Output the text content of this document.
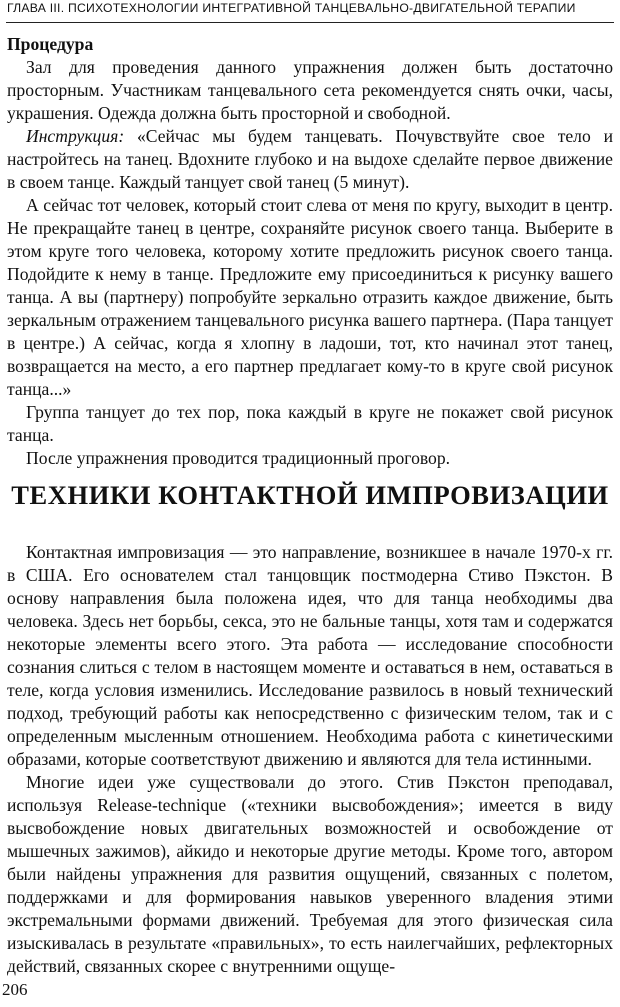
ГЛАВА III. ПСИХОТЕХНОЛОГИИ ИНТЕГРАТИВНОЙ ТАНЦЕВАЛЬНО-ДВИГАТЕЛЬНОЙ ТЕРАПИИ

Процедура

Зал для проведения данного упражнения должен быть достаточно просторным. Участникам танцевального сета рекомендуется снять очки, часы, украшения. Одежда должна быть просторной и свободной.

Инструкция: «Сейчас мы будем танцевать. Почувствуйте свое тело и настройтесь на танец. Вдохните глубоко и на выдохе сделайте первое движение в своем танце. Каждый танцует свой танец (5 минут).

А сейчас тот человек, который стоит слева от меня по кругу, выходит в центр. Не прекращайте танец в центре, сохраняйте рисунок своего танца. Выберите в этом круге того человека, которому хотите предложить рисунок своего танца. Подойдите к нему в танце. Предложите ему присоединиться к рисунку вашего танца. А вы (партнеру) попробуйте зеркально отразить каждое движение, быть зеркальным отражением танцевального рисунка вашего партнера. (Пара танцует в центре.) А сейчас, когда я хлопну в ладоши, тот, кто начинал этот танец, возвращается на место, а его партнер предлагает кому-то в круге свой рисунок танца...»

Группа танцует до тех пор, пока каждый в круге не покажет свой рисунок танца.

После упражнения проводится традиционный проговор.

ТЕХНИКИ КОНТАКТНОЙ ИМПРОВИЗАЦИИ

Контактная импровизация — это направление, возникшее в начале 1970-х гг. в США. Его основателем стал танцовщик постмодерна Стиво Пэкстон. В основу направления была положена идея, что для танца необходимы два человека. Здесь нет борьбы, секса, это не бальные танцы, хотя там и содержатся некоторые элементы всего этого. Эта работа — исследование способности сознания слиться с телом в настоящем моменте и оставаться в нем, оставаться в теле, когда условия изменились. Исследование развилось в новый технический подход, требующий работы как непосредственно с физическим телом, так и с определенным мысленным отношением. Необходима работа с кинетическими образами, которые соответствуют движению и являются для тела истинными.

Многие идеи уже существовали до этого. Стив Пэкстон преподавал, используя Release-technique («техники высвобождения»; имеется в виду высвобождение новых двигательных возможностей и освобождение от мышечных зажимов), айкидо и некоторые другие методы. Кроме того, автором были найдены упражнения для развития ощущений, связанных с полетом, поддержками и для формирования навыков уверенного владения этими экстремальными формами движений. Требуемая для этого физическая сила изыскивалась в результате «правильных», то есть наилегчайших, рефлекторных действий, связанных скорее с внутренними ощуще-

206
